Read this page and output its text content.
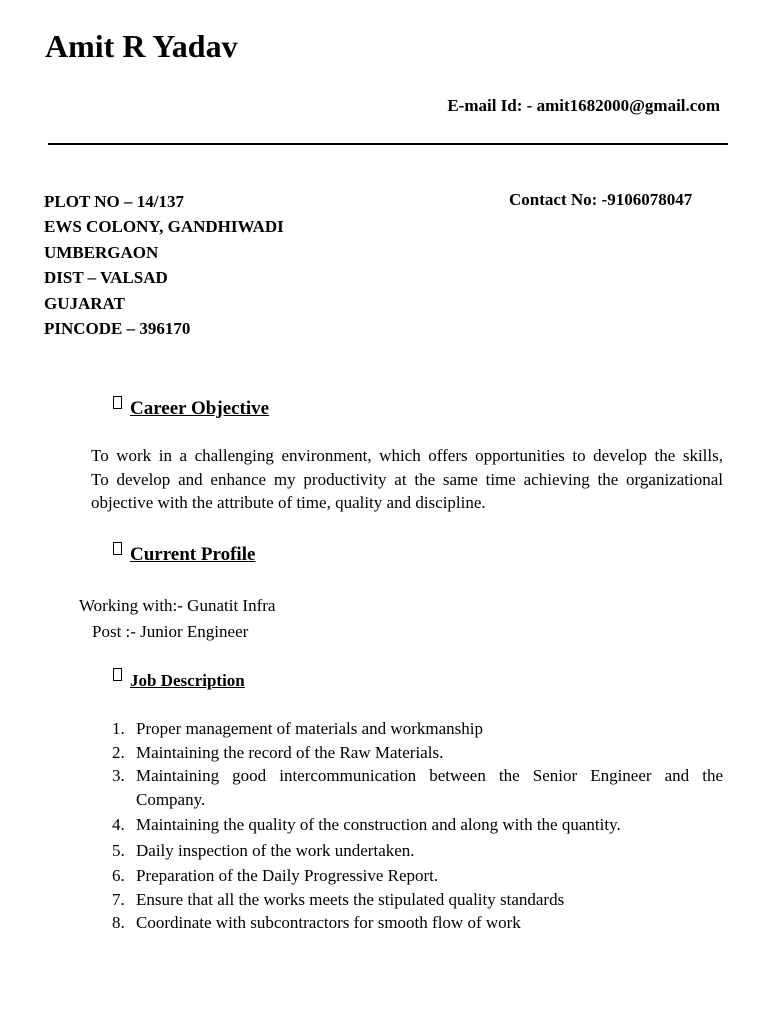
Amit R Yadav
E-mail Id: - amit1682000@gmail.com
PLOT NO – 14/137
EWS COLONY, GANDHIWADI
UMBERGAON
DIST – VALSAD
GUJARAT
PINCODE – 396170
Contact No: -9106078047
Career Objective
To work in a challenging environment, which offers opportunities to develop the skills,
To develop and enhance my productivity at the same time achieving the organizational
objective with the attribute of time, quality and discipline.
Current Profile
Working with:- Gunatit Infra
Post :- Junior Engineer
Job Description
1. Proper management of materials and workmanship
2. Maintaining the record of the Raw Materials.
3. Maintaining good intercommunication between the Senior Engineer and the
Company.
4. Maintaining the quality of the construction and along with the quantity.
5. Daily inspection of the work undertaken.
6. Preparation of the Daily Progressive Report.
7. Ensure that all the works meets the stipulated quality standards
8. Coordinate with subcontractors for smooth flow of work
